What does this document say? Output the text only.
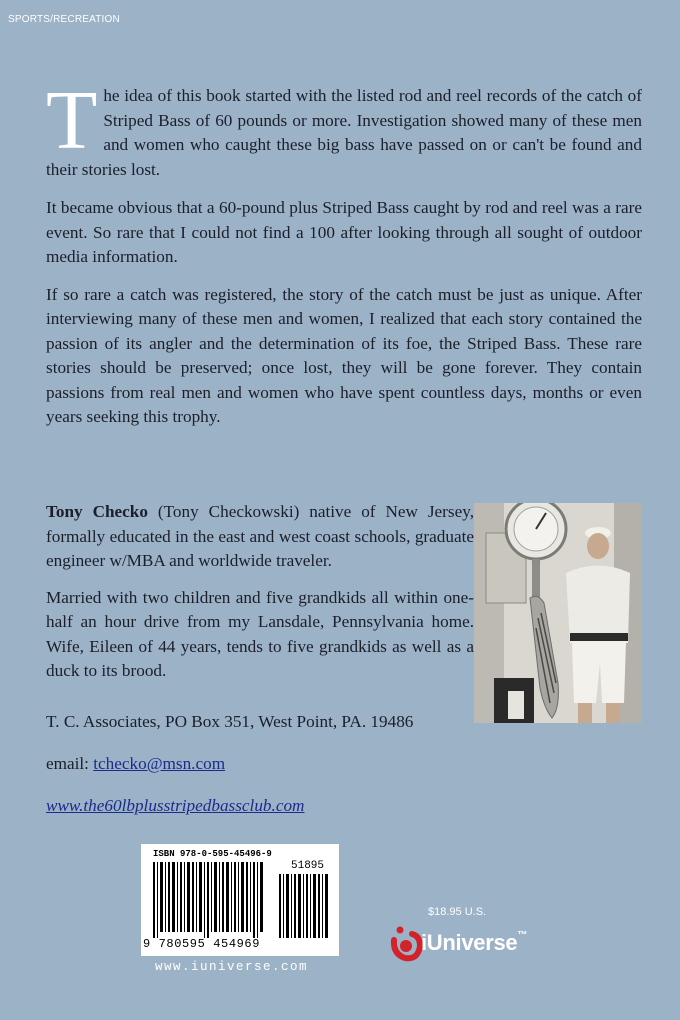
SPORTS/RECREATION

The idea of this book started with the listed rod and reel records of the catch of Striped Bass of 60 pounds or more. Investigation showed many of these men and women who caught these big bass have passed on or can't be found and their stories lost.

It became obvious that a 60-pound plus Striped Bass caught by rod and reel was a rare event. So rare that I could not find a 100 after looking through all sought of outdoor media information.

If so rare a catch was registered, the story of the catch must be just as unique. After interviewing many of these men and women, I realized that each story contained the passion of its angler and the determination of its foe, the Striped Bass. These rare stories should be preserved; once lost, they will be gone forever. They contain passions from real men and women who have spent countless days, months or even years seeking this trophy.

Tony Checko (Tony Checkowski) native of New Jersey, formally educated in the east and west coast schools, graduate engineer w/MBA and worldwide traveler.

Married with two children and five grandkids all within one-half an hour drive from my Lansdale, Pennsylvania home. Wife, Eileen of 44 years, tends to five grandkids as well as a duck to its brood.

T. C. Associates, PO Box 351, West Point, PA. 19486
email: tchecko@msn.com
www.the60lbplusstripedbassclub.com
ISBN 978-0-595-45496-9
51895
9 780595 454969
www.iuniverse.com
$18.95 U.S.
iUniverse™
